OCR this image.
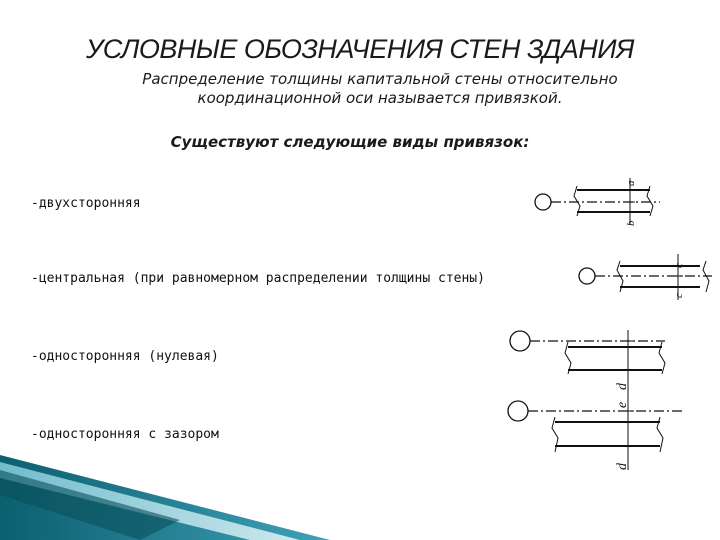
УСЛОВНЫЕ ОБОЗНАЧЕНИЯ СТЕН ЗДАНИЯ
Распределение толщины капитальной стены относительно
координационной оси называется привязкой.
Существуют следующие виды привязок:
-двухсторонняя
-центральная (при равномерном распределении толщины стены)
-односторонняя (нулевая)
-односторонняя с зазором
a
b
c
c
d
e
d
